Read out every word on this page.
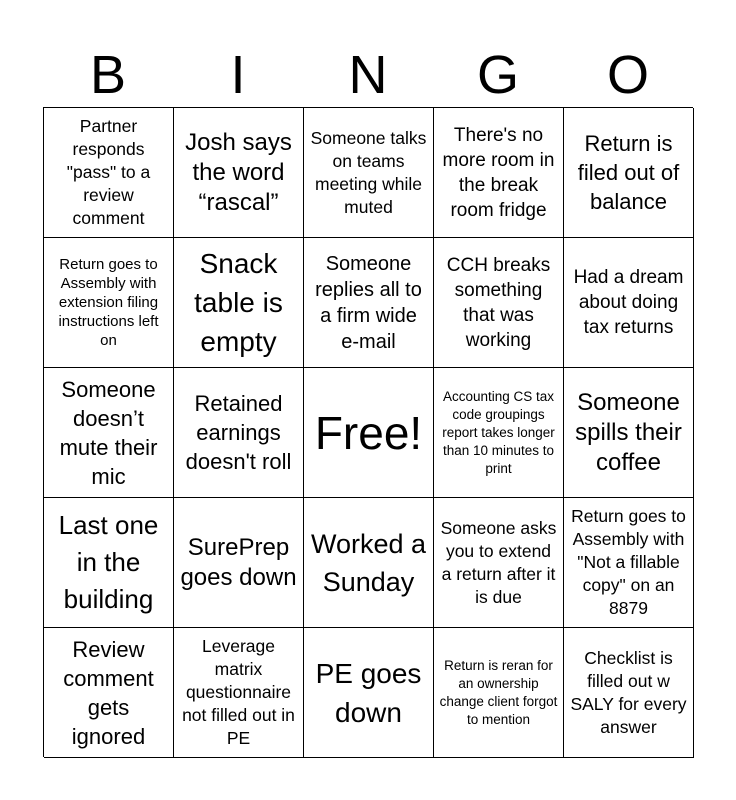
B	I	N	G	O
Partner responds "pass" to a review comment
Josh says the word “rascal”
Someone talks on teams meeting while muted
There's no more room in the break room fridge
Return is filed out of balance
Return goes to Assembly with extension filing instructions left on
Snack table is empty
Someone replies all to a firm wide e-mail
CCH breaks something that was working
Had a dream about doing tax returns
Someone doesn’t mute their mic
Retained earnings doesn't roll
Free!
Accounting CS tax code groupings report takes longer than 10 minutes to print
Someone spills their coffee
Last one in the building
SurePrep goes down
Worked a Sunday
Someone asks you to extend a return after it is due
Return goes to Assembly with "Not a fillable copy" on an 8879
Review comment gets ignored
Leverage matrix questionnaire not filled out in PE
PE goes down
Return is reran for an ownership change client forgot to mention
Checklist is filled out w SALY for every answer
